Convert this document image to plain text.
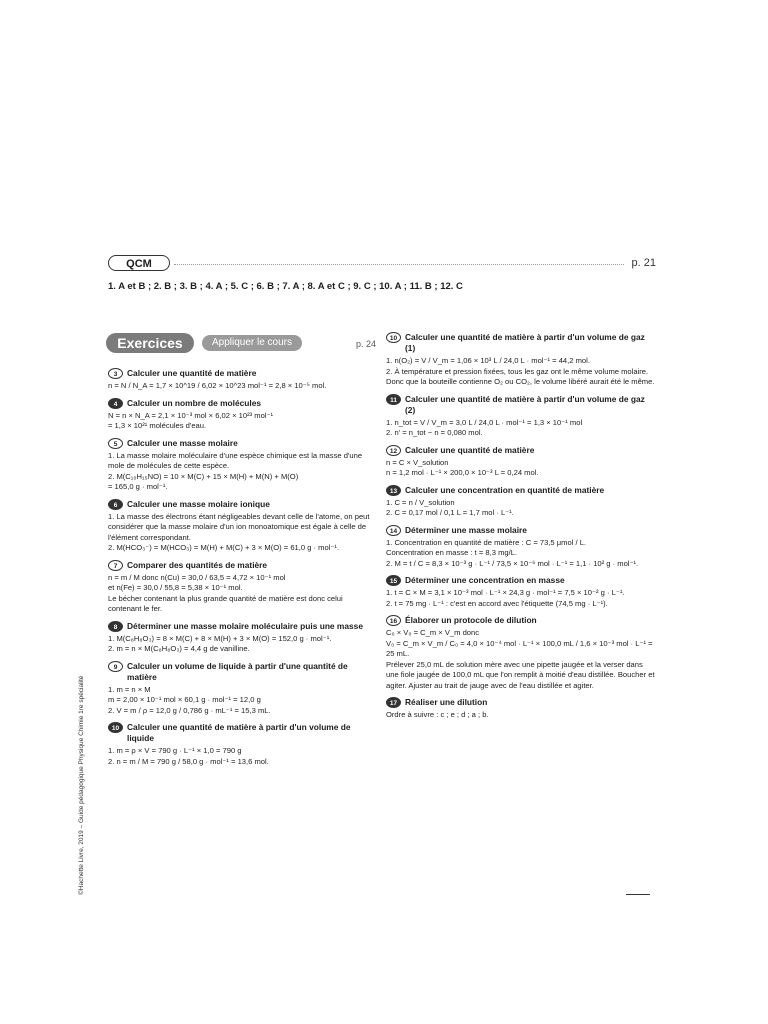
QCM	p. 21
1. A et B ; 2. B ; 3. B ; 4. A ; 5. C ; 6. B ; 7. A ; 8. A et C ; 9. C ; 10. A ; 11. B ; 12. C
Exercices	Appliquer le cours	p. 24
3	Calculer une quantité de matière
n = N / N_A = 1,7 × 10^19 / 6,02 × 10^23 mol⁻¹ = 2,8 × 10⁻⁵ mol.
4	Calculer un nombre de molécules
N = n × N_A = 2,1 × 10⁻³ mol × 6,02 × 10²³ mol⁻¹
= 1,3 × 10²¹ molécules d'eau.
5	Calculer une masse molaire
1. La masse molaire moléculaire d'une espèce chimique est la masse d'une mole de molécules de cette espèce.
2. M(C₁₀H₁₅NO) = 10 × M(C) + 15 × M(H) + M(N) + M(O)
= 165,0 g · mol⁻¹.
6	Calculer une masse molaire ionique
1. La masse des électrons étant négligeables devant celle de l'atome, on peut considérer que la masse molaire d'un ion monoatomique est égale à celle de l'élément correspondant.
2. M(HCO₃⁻) = M(HCO₃) = M(H) + M(C) + 3 × M(O) = 61,0 g · mol⁻¹.
7	Comparer des quantités de matière
n = m / M donc n(Cu) = 30,0 / 63,5 = 4,72 × 10⁻¹ mol
et n(Fe) = 30,0 / 55,8 = 5,38 × 10⁻¹ mol.
Le bécher contenant la plus grande quantité de matière est donc celui contenant le fer.
8	Déterminer une masse molaire moléculaire puis une masse
1. M(C₈H₈O₃) = 8 × M(C) + 8 × M(H) + 3 × M(O) = 152,0 g · mol⁻¹.
2. m = n × M(C₈H₈O₃) = 4,4 g de vanilline.
9	Calculer un volume de liquide à partir d'une quantité de matière
1. m = n × M
m = 2,00 × 10⁻¹ mol × 60,1 g · mol⁻¹ = 12,0 g
2. V = m / ρ = 12,0 g / 0,786 g · mL⁻¹ = 15,3 mL.
10 Calculer une quantité de matière à partir d'un volume de liquide
1. m = ρ × V = 790 g · L⁻¹ × 1,0 = 790 g
2. n = m / M = 790 g / 58,0 g · mol⁻¹ = 13,6 mol.
10 Calculer une quantité de matière à partir d'un volume de gaz (1)
1. n(O₂) = V / V_m = 1,06 × 10³ L / 24,0 L · mol⁻¹ = 44,2 mol.
2. À température et pression fixées, tous les gaz ont le même volume molaire. Donc que la bouteille contienne O₂ ou CO₂, le volume libéré aurait été le même.
11 Calculer une quantité de matière à partir d'un volume de gaz (2)
1. n_tot = V / V_m = 3,0 L / 24,0 L · mol⁻¹ = 1,3 × 10⁻¹ mol
2. n' = n_tot − n = 0,080 mol.
12 Calculer une quantité de matière
n = C × V_solution
n = 1,2 mol · L⁻¹ × 200,0 × 10⁻³ L = 0,24 mol.
13 Calculer une concentration en quantité de matière
1. C = n / V_solution
2. C = 0,17 mol / 0,1 L = 1,7 mol · L⁻¹.
14 Déterminer une masse molaire
1. Concentration en quantité de matière : C = 73,5 μmol / L.
Concentration en masse : t = 8,3 mg/L.
2. M = t / C = 8,3 × 10⁻³ g · L⁻¹ / 73,5 × 10⁻⁶ mol · L⁻¹ = 1,1 · 10² g · mol⁻¹.
15 Déterminer une concentration en masse
1. t = C × M = 3,1 × 10⁻³ mol · L⁻¹ × 24,3 g · mol⁻¹ = 7,5 × 10⁻² g · L⁻¹.
2. t = 75 mg · L⁻¹ : c'est en accord avec l'étiquette (74,5 mg · L⁻¹).
16 Élaborer un protocole de dilution
C₀ × V₀ = C_m × V_m donc
V₀ = C_m × V_m / C₀ = 4,0 × 10⁻⁴ mol · L⁻¹ × 100,0 mL / 1,6 × 10⁻³ mol · L⁻¹ = 25 mL.
Prélever 25,0 mL de solution mère avec une pipette jaugée et la verser dans une fiole jaugée de 100,0 mL que l'on remplit à moitié d'eau distillée. Boucher et agiter. Ajuster au trait de jauge avec de l'eau distillée et agiter.
17 Réaliser une dilution
Ordre à suivre : c ; e ; d ; a ; b.
©Hachette Livre, 2019 – Guide pédagogique Physique Chimie 1re spécialité
